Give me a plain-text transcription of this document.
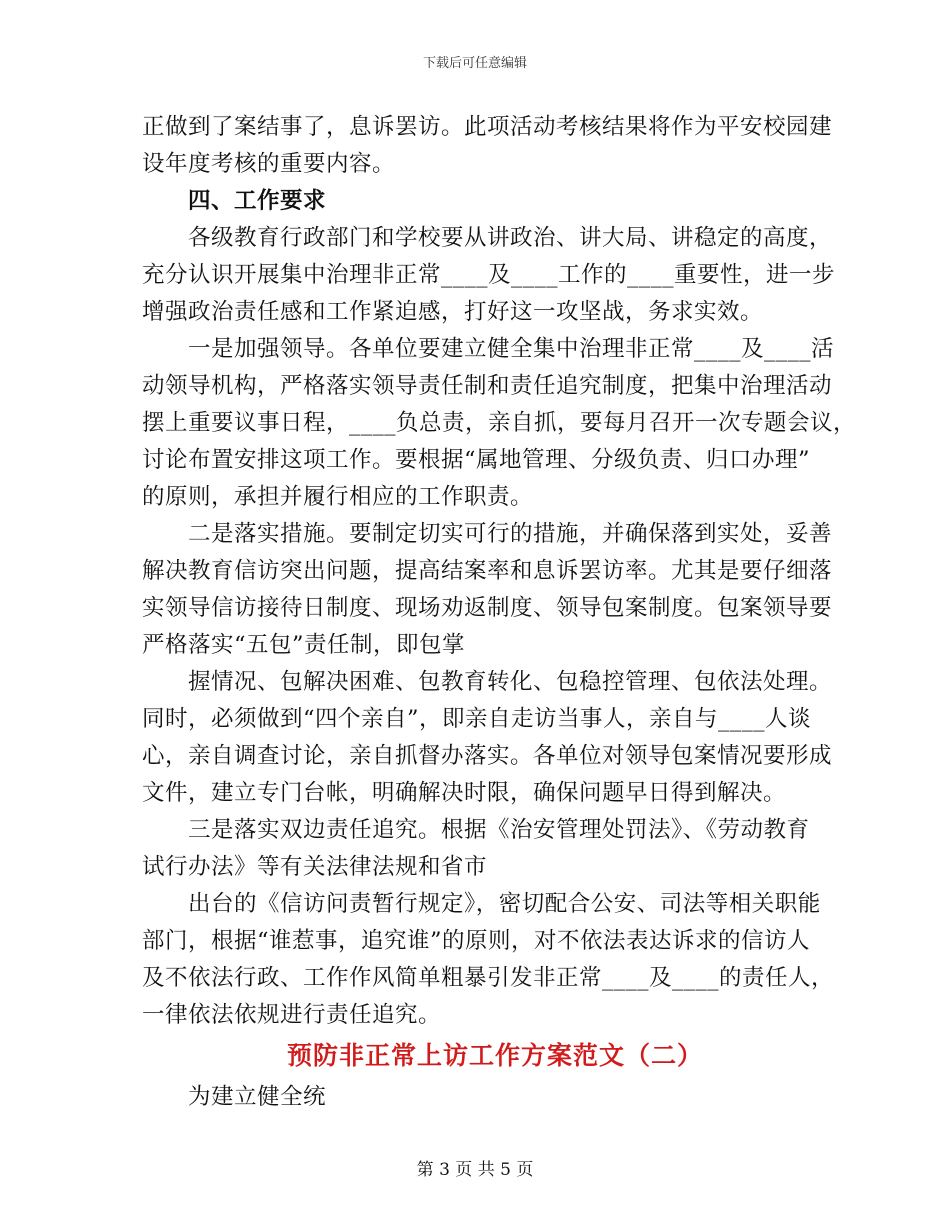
下载后可任意编辑
正做到了案结事了，息诉罢访。此项活动考核结果将作为平安校园建
设年度考核的重要内容。
四、工作要求
各级教育行政部门和学校要从讲政治、讲大局、讲稳定的高度，
充分认识开展集中治理非正常____及____工作的____重要性，进一步
增强政治责任感和工作紧迫感，打好这一攻坚战，务求实效。
一是加强领导。各单位要建立健全集中治理非正常____及____活
动领导机构，严格落实领导责任制和责任追究制度，把集中治理活动
摆上重要议事日程，____负总责，亲自抓，要每月召开一次专题会议，
讨论布置安排这项工作。要根据“属地管理、分级负责、归口办理”
的原则，承担并履行相应的工作职责。
二是落实措施。要制定切实可行的措施，并确保落到实处，妥善
解决教育信访突出问题，提高结案率和息诉罢访率。尤其是要仔细落
实领导信访接待日制度、现场劝返制度、领导包案制度。包案领导要
严格落实“五包”责任制，即包掌
握情况、包解决困难、包教育转化、包稳控管理、包依法处理。
同时，必须做到“四个亲自”，即亲自走访当事人，亲自与____人谈
心，亲自调查讨论，亲自抓督办落实。各单位对领导包案情况要形成
文件，建立专门台帐，明确解决时限，确保问题早日得到解决。
三是落实双边责任追究。根据《治安管理处罚法》、《劳动教育
试行办法》等有关法律法规和省市
出台的《信访问责暂行规定》，密切配合公安、司法等相关职能
部门，根据“谁惹事，追究谁”的原则，对不依法表达诉求的信访人
及不依法行政、工作作风简单粗暴引发非正常____及____的责任人，
一律依法依规进行责任追究。
预防非正常上访工作方案范文（二）
为建立健全统
第 3 页 共 5 页
